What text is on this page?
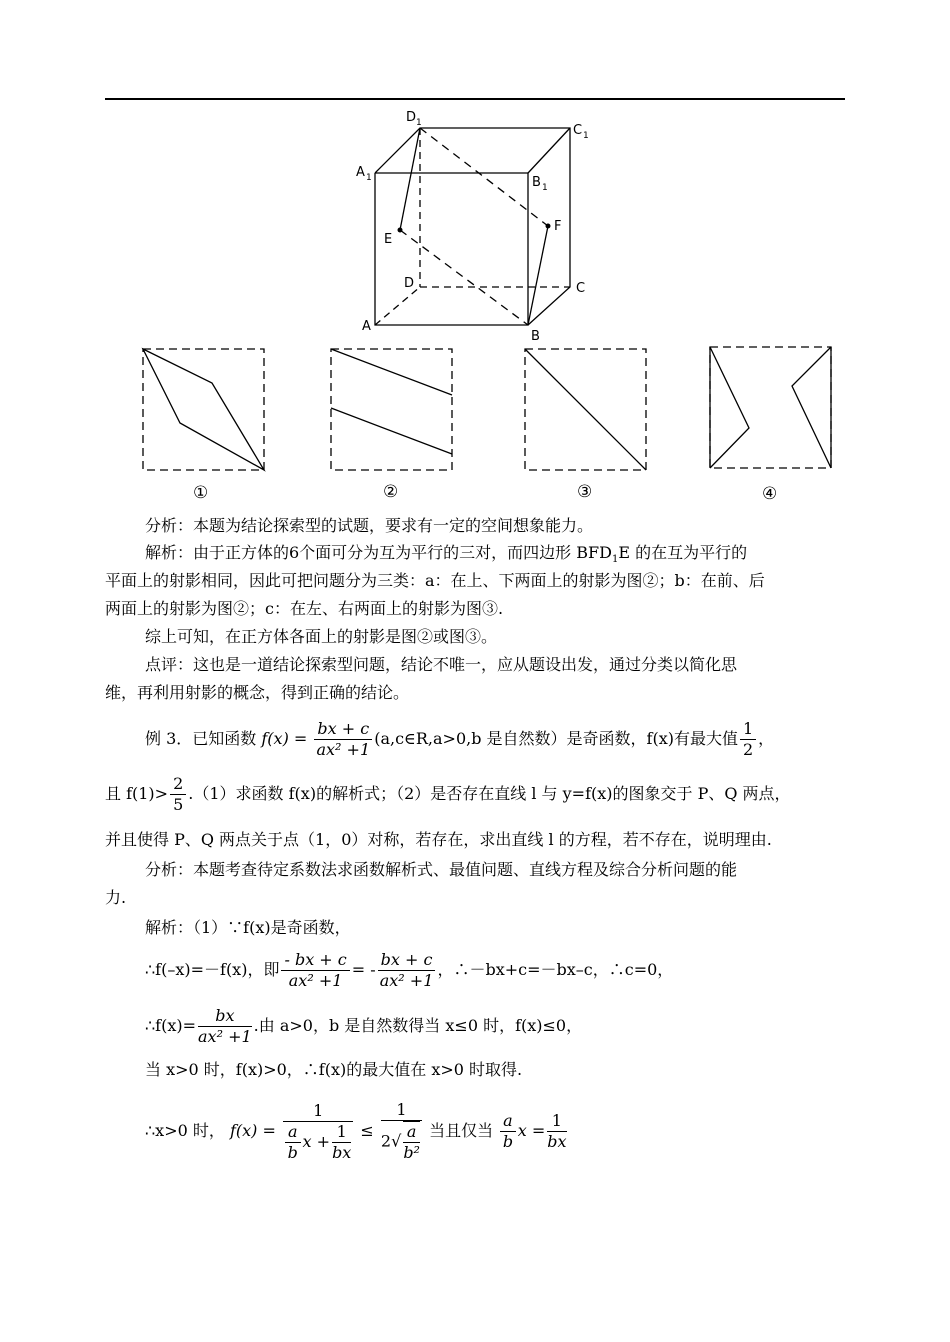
D 1	C 1
A 1	B 1
E
F
D	C
A
B
①	②	③	④
分析：本题为结论探索型的试题，要求有一定的空间想象能力。
解析：由于正方体的6个面可分为互为平行的三对，而四边形 $BFD_1E$ 的在互为平行的
平面上的射影相同，因此可把问题分为三类：a：在上、下两面上的射影为图②；b：在前、后
两面上的射影为图②；c：在左、右两面上的射影为图③.
综上可知，在正方体各面上的射影是图②或图③。
点评：这也是一道结论探索型问题，结论不唯一，应从题设出发，通过分类以简化思
维，再利用射影的概念，得到正确的结论。
例 3．已知函数 $f(x) = \frac{bx + c}{\text{ax² +1}}$ (a,c∈R,a>0,b 是自然数）是奇函数，f(x)有最大值 $\frac{1}{2}$ ，
且 $f(1)> \frac{2}{5} .(1)$求函数 f(x)的解析式；（2）是否存在直线 l 与 y=f(x)的图象交于 P、Q 两点，
并且使得 P、Q 两点关于点（1，0）对称，若存在，求出直线 l 的方程，若不存在，说明理由.
分析：本题考查待定系数法求函数解析式、最值问题、直线方程及综合分析问题的能
力.
解析：（1）∵f(x)是奇函数，
∴f(–x)=－f(x)，即 $\frac{- bx + c}{\text{ax² +1}}$ = - $\frac{bx + c}{\text{ax² +1}}$ ，∴－bx+c=－bx–c，∴c=0，
∴f(x)= $\frac{bx}{\text{ax² +1}}$ .由 a>0，b 是自然数得当 x≤0 时，f(x)≤0，
当 x>0 时，f(x)>0，∴f(x)的最大值在 x>0 时取得.
∴x>0 时， $f(x) = \frac{1}{\frac{a}{b} x + \frac{1}{bx}} \le \frac{1}{2√ \frac{a}{\text{b²}}}$ 当且仅当 $\frac{a}{b}$ $x = \frac{1}{bx}$
